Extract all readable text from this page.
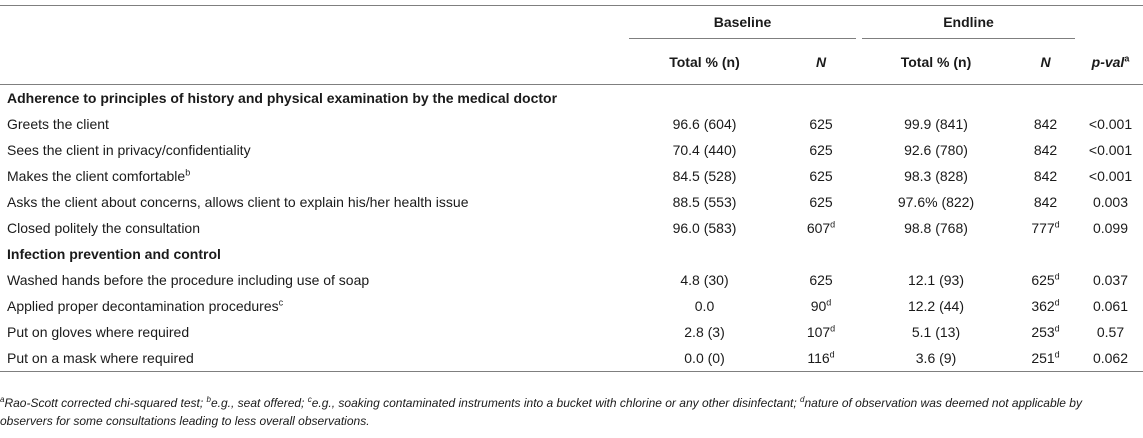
	Baseline		Endline		

	Total % (n)	N	Total % (n)	N	p-val$^a$
Adherence to principles of history and physical examination by the medical doctor					
Greets the client	96.6 (604)	625	99.9 (841)	842	<0.001
Sees the client in privacy/confidentiality	70.4 (440)	625	92.6 (780)	842	<0.001
Makes the client comfortable$^b$	84.5 (528)	625	98.3 (828)	842	<0.001
Asks the client about concerns, allows client to explain his/her health issue	88.5 (553)	625	97.6% (822)	842	0.003
Closed politely the consultation	96.0 (583)	607$^d$	98.8 (768)	777$^d$	0.099
Infection prevention and control					
Washed hands before the procedure including use of soap	4.8 (30)	625	12.1 (93)	625$^d$	0.037
Applied proper decontamination procedures$^c$	0.0	90$^d$	12.2 (44)	362$^d$	0.061
Put on gloves where required	2.8 (3)	107$^d$	5.1 (13)	253$^d$	0.57
Put on a mask where required	0.0 (0)	116$^d$	3.6 (9)	251$^d$	0.062
$^a$Rao-Scott corrected chi-squared test; $^b$e.g., seat offered; $^c$e.g., soaking contaminated instruments into a bucket with chlorine or any other disinfectant; $^d$nature of observation was deemed not applicable by observers for some consultations leading to less overall observations.
